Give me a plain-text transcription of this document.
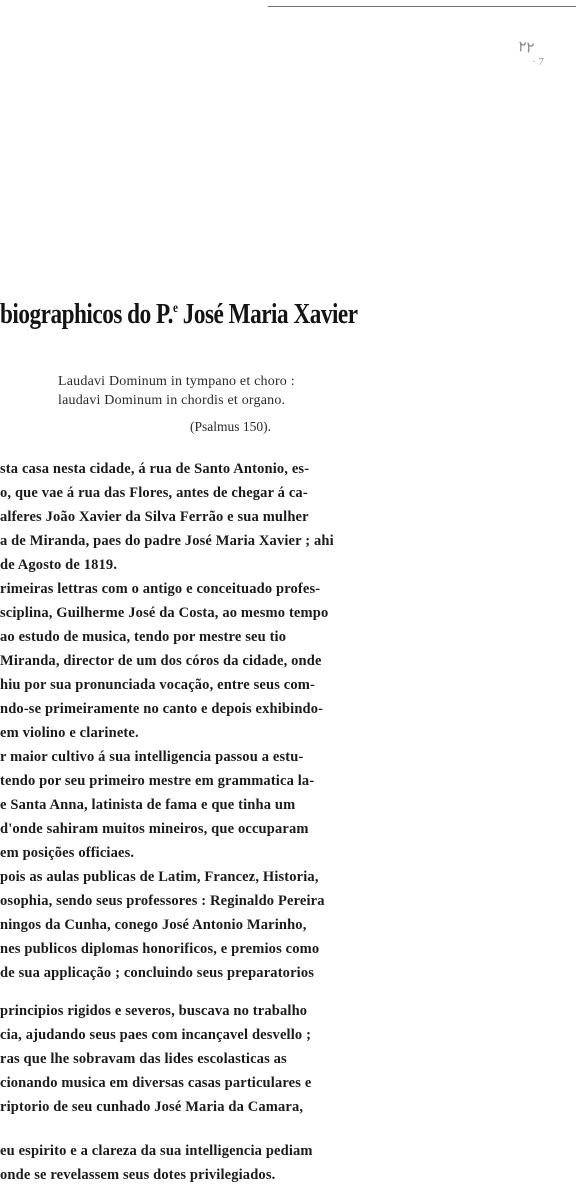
٢٢
· 7
biographicos do P.$^e$ José Maria Xavier
Laudavi Dominum in tympano et choro :
laudavi Dominum in chordis et organo.
(Psalmus 150).
sta casa nesta cidade, á rua de Santo Antonio, es-
o, que vae á rua das Flores, antes de chegar á ca-
alferes João Xavier da Silva Ferrão e sua mulher
a de Miranda, paes do padre José Maria Xavier ; ahi
de Agosto de 1819.
rimeiras lettras com o antigo e conceituado profes-
sciplina, Guilherme José da Costa, ao mesmo tempo
ao estudo de musica, tendo por mestre seu tio
Miranda, director de um dos córos da cidade, onde
hiu por sua pronunciada vocação, entre seus com-
ndo-se primeiramente no canto e depois exhibindo-
em violino e clarinete.
r maior cultivo á sua intelligencia passou a estu-
tendo por seu primeiro mestre em grammatica la-
e Santa Anna, latinista de fama e que tinha um
d'onde sahiram muitos mineiros, que occuparam
em posições officiaes.
pois as aulas publicas de Latim, Francez, Historia,
osophia, sendo seus professores : Reginaldo Pereira
ningos da Cunha, conego José Antonio Marinho,
nes publicos diplomas honorificos, e premios como
de sua applicação ; concluindo seus preparatorios
principios rigidos e severos, buscava no trabalho
cia, ajudando seus paes com incançavel desvello ;
ras que lhe sobravam das lides escolasticas as
cionando musica em diversas casas particulares e
riptorio de seu cunhado José Maria da Camara,
eu espirito e a clareza da sua intelligencia pediam
onde se revelassem seus dotes privilegiados.
